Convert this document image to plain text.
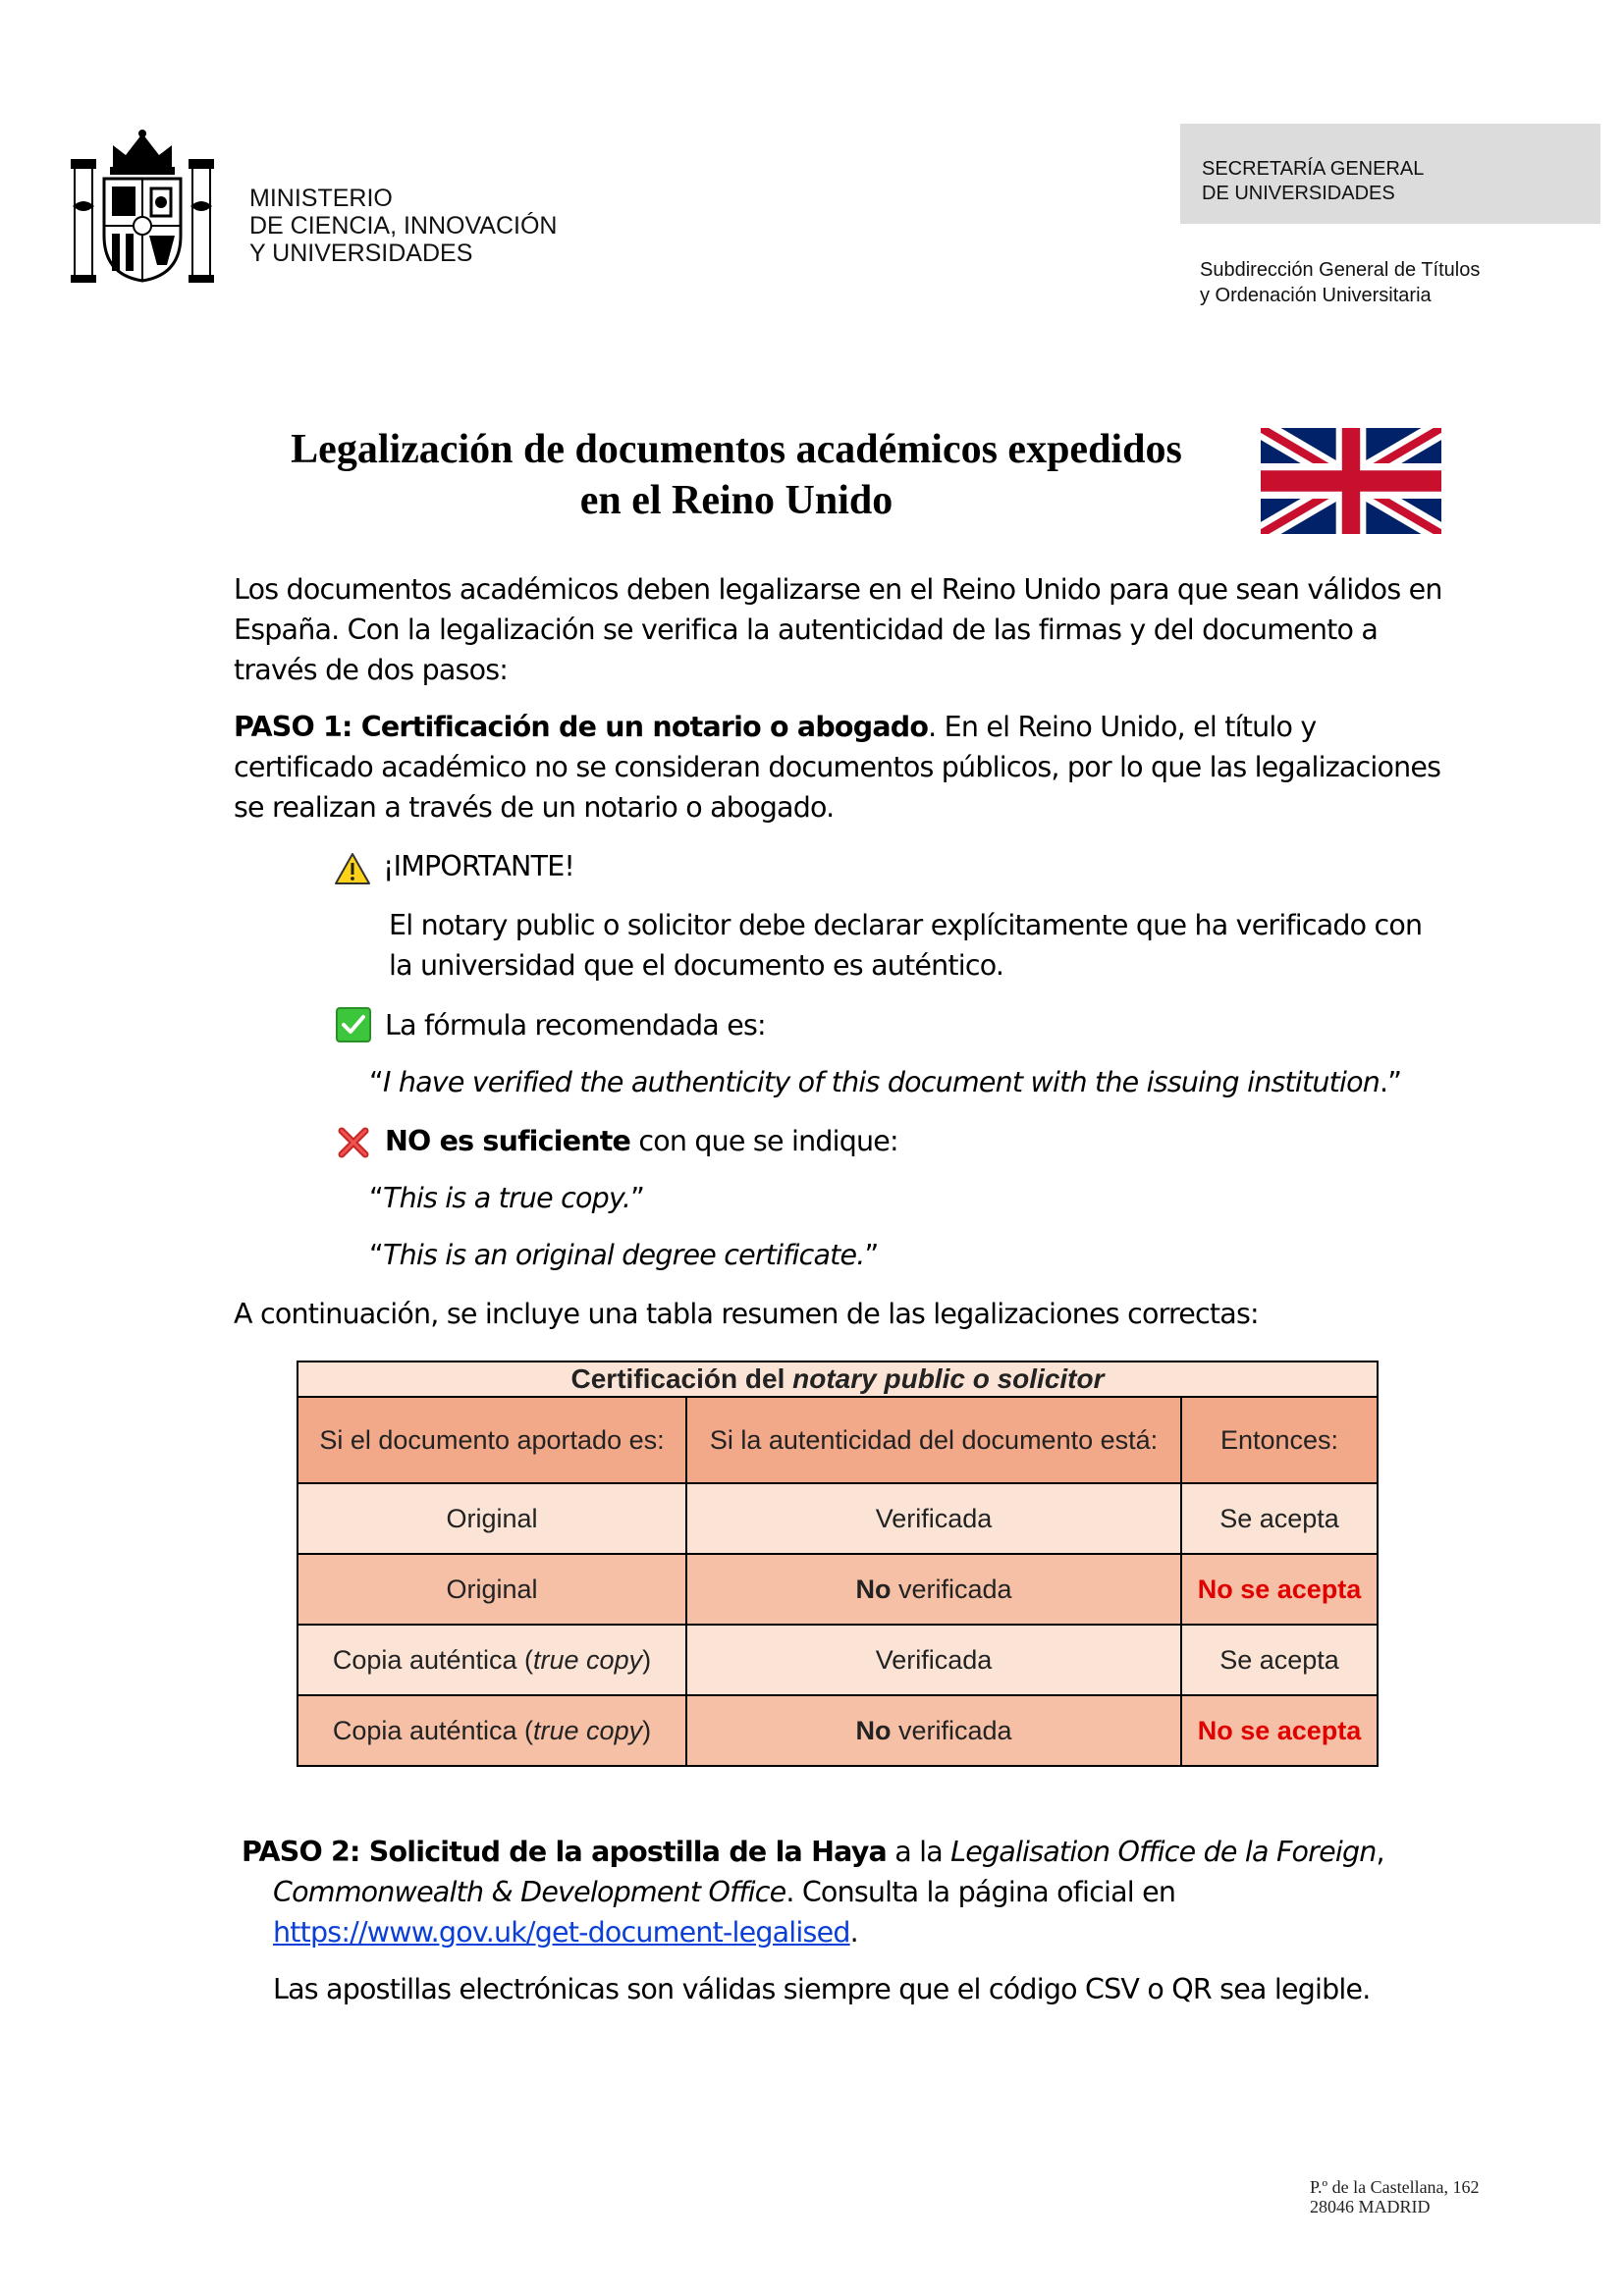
MINISTERIO
DE CIENCIA, INNOVACIÓN
Y UNIVERSIDADES
SECRETARÍA GENERAL
DE UNIVERSIDADES
Subdirección General de Títulos
y Ordenación Universitaria
Legalización de documentos académicos expedidos
en el Reino Unido
Los documentos académicos deben legalizarse en el Reino Unido para que sean válidos en España. Con la legalización se verifica la autenticidad de las firmas y del documento a través de dos pasos:
PASO 1: Certificación de un notario o abogado. En el Reino Unido, el título y certificado académico no se consideran documentos públicos, por lo que las legalizaciones se realizan a través de un notario o abogado.
¡IMPORTANTE!
El notary public o solicitor debe declarar explícitamente que ha verificado con la universidad que el documento es auténtico.
La fórmula recomendada es:
“I have verified the authenticity of this document with the issuing institution.”
NO es suficiente con que se indique:
“This is a true copy.”
“This is an original degree certificate.”
A continuación, se incluye una tabla resumen de las legalizaciones correctas:
Certificación del notary public o solicitor		
Si el documento aportado es:	Si la autenticidad del documento está:	Entonces:
Original	Verificada	Se acepta
Original	No verificada	No se acepta
Copia auténtica (true copy)	Verificada	Se acepta
Copia auténtica (true copy)	No verificada	No se acepta
PASO 2: Solicitud de la apostilla de la Haya a la Legalisation Office de la Foreign,
Commonwealth & Development Office. Consulta la página oficial en
https://www.gov.uk/get-document-legalised.
Las apostillas electrónicas son válidas siempre que el código CSV o QR sea legible.
P.º de la Castellana, 162
28046 MADRID
